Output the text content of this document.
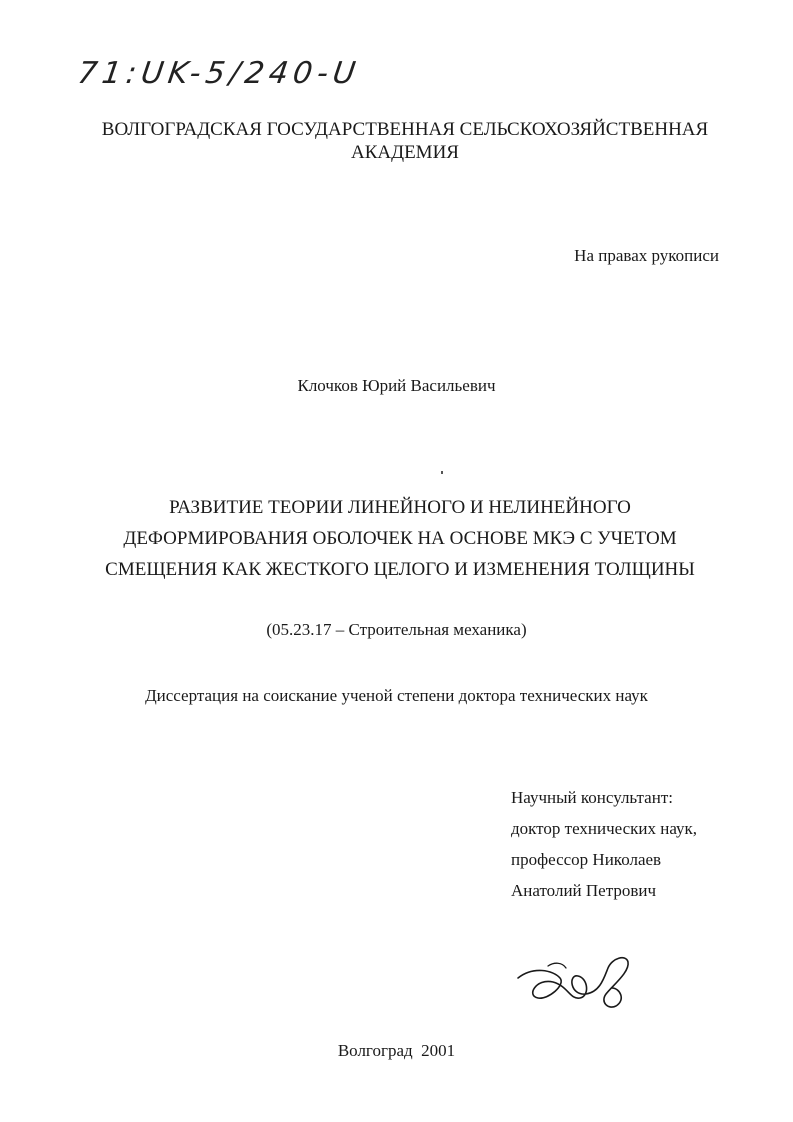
71:UK-5/240-U
ВОЛГОГРАДСКАЯ ГОСУДАРСТВЕННАЯ СЕЛЬСКОХОЗЯЙСТВЕННАЯ
АКАДЕМИЯ
На правах рукописи
Клочков Юрий Васильевич
РАЗВИТИЕ ТЕОРИИ ЛИНЕЙНОГО И НЕЛИНЕЙНОГО
ДЕФОРМИРОВАНИЯ ОБОЛОЧЕК НА ОСНОВЕ МКЭ С УЧЕТОМ
СМЕЩЕНИЯ КАК ЖЕСТКОГО ЦЕЛОГО И ИЗМЕНЕНИЯ ТОЛЩИНЫ
(05.23.17 – Строительная механика)
Диссертация на соискание ученой степени доктора технических наук
Научный консультант:
доктор технических наук,
профессор Николаев
Анатолий Петрович
Волгоград  2001
